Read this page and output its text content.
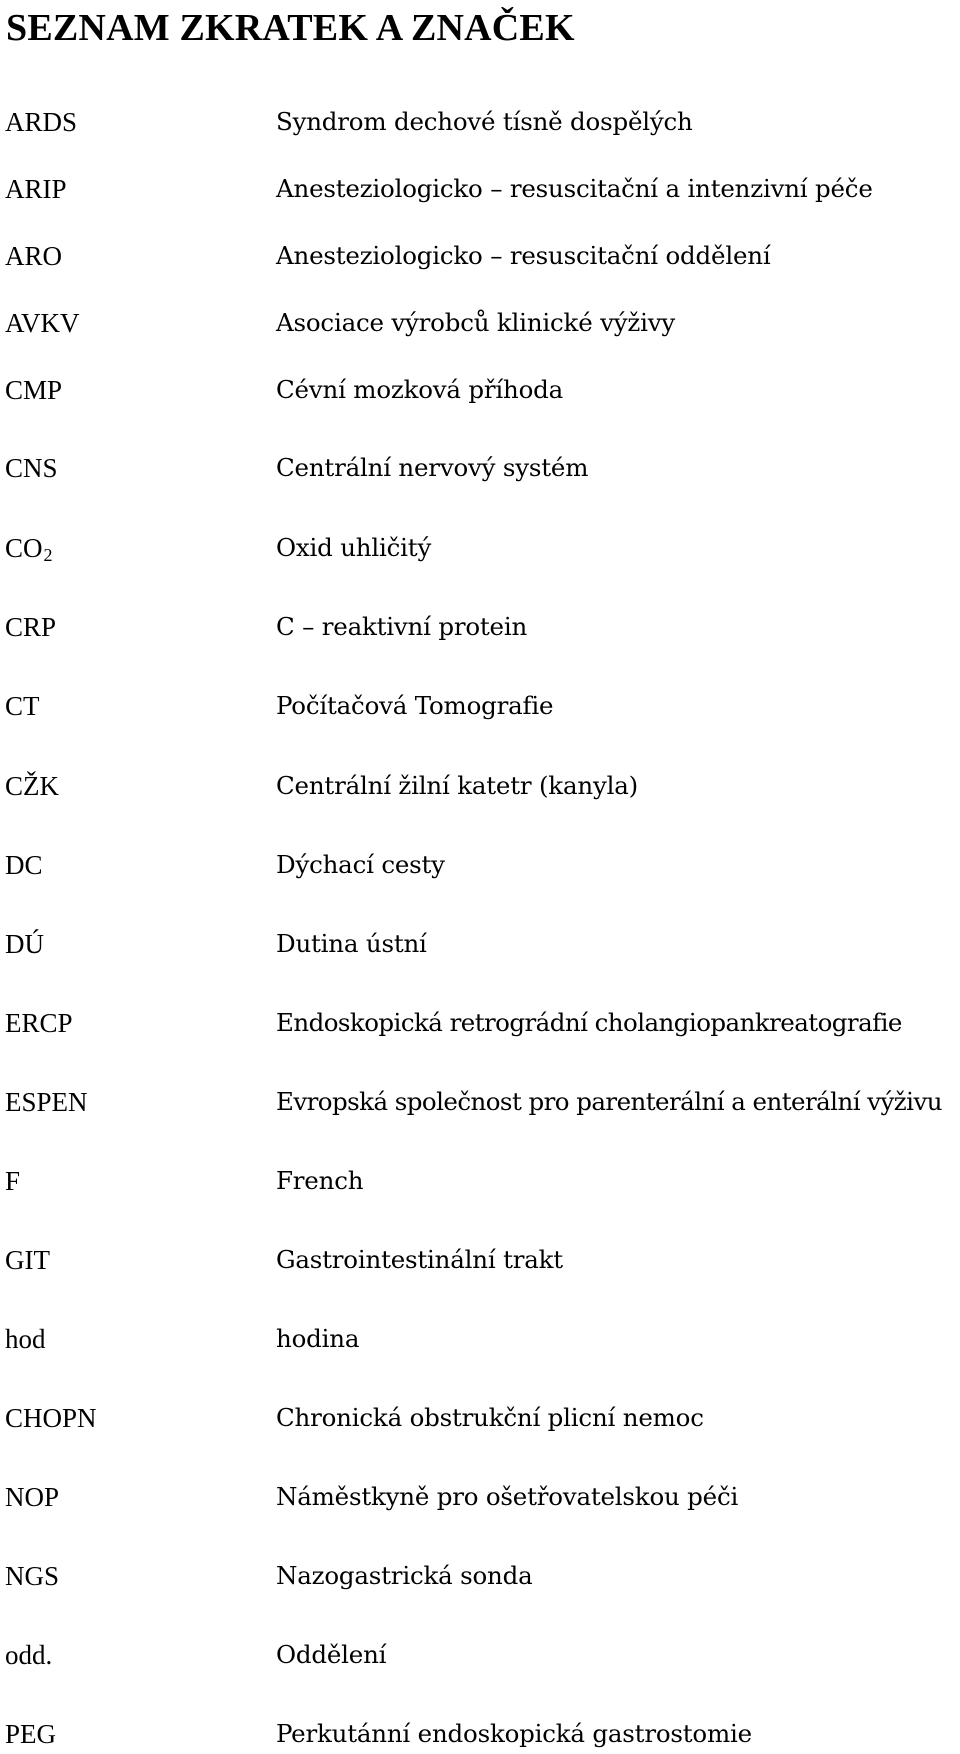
SEZNAM ZKRATEK A ZNAČEK
ARDS	Syndrom dechové tísně dospělých
ARIP	Anesteziologicko – resuscitační a intenzivní péče
ARO	Anesteziologicko – resuscitační oddělení
AVKV	Asociace výrobců klinické výživy
CMP	Cévní mozková příhoda
CNS	Centrální nervový systém
$CO_2$	Oxid uhličitý
CRP	C – reaktivní protein
CT	Počítačová Tomografie
CŽK	Centrální žilní katetr (kanyla)
DC	Dýchací cesty
DÚ	Dutina ústní
ERCP	Endoskopická retrográdní cholangiopankreatografie
ESPEN	Evropská společnost pro parenterální a enterální výživu
F	French
GIT	Gastrointestinální trakt
hod	hodina
CHOPN	Chronická obstrukční plicní nemoc
NOP	Náměstkyně pro ošetřovatelskou péči
NGS	Nazogastrická sonda
odd.	Oddělení
PEG	Perkutánní endoskopická gastrostomie
